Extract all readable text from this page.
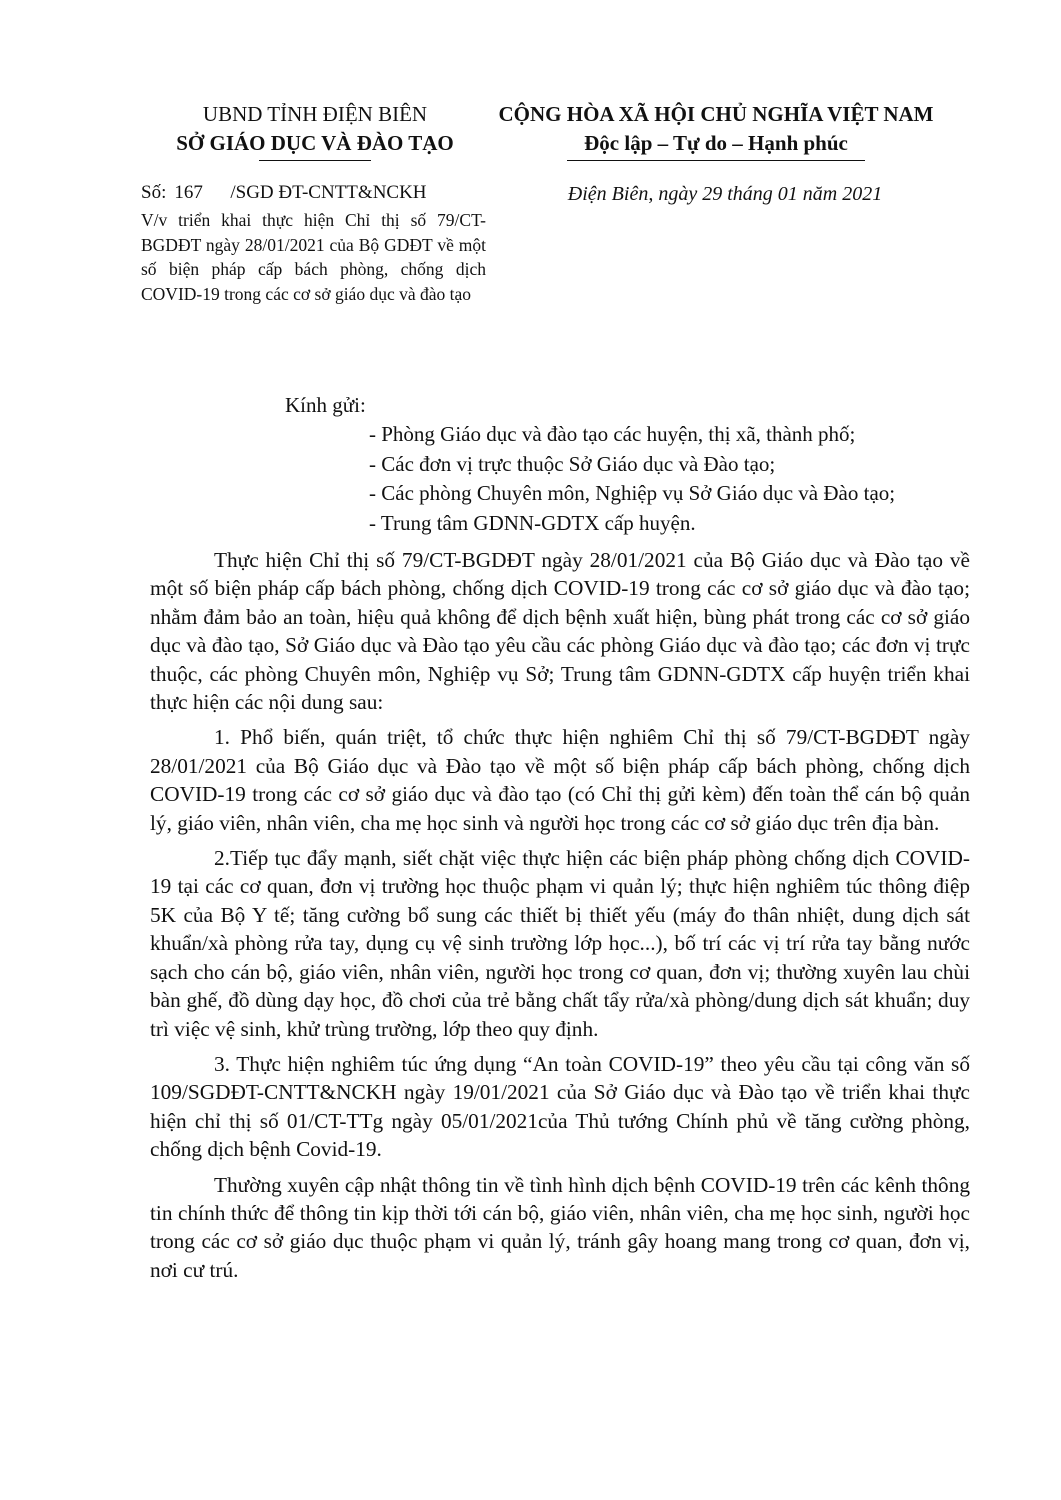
UBND TỈNH ĐIỆN BIÊN
SỞ GIÁO DỤC VÀ ĐÀO TẠO
CỘNG HÒA XÃ HỘI CHỦ NGHĨA VIỆT NAM
Độc lập – Tự do – Hạnh phúc
Số: 167 /SGD ĐT-CNTT&NCKH
V/v triển khai thực hiện Chỉ thị số 79/CT-BGDĐT ngày 28/01/2021 của Bộ GDĐT về một số biện pháp cấp bách phòng, chống dịch COVID-19 trong các cơ sở giáo dục và đào tạo
Điện Biên, ngày 29 tháng 01 năm 2021
Kính gửi:
- Phòng Giáo dục và đào tạo các huyện, thị xã, thành phố;
- Các đơn vị trực thuộc Sở Giáo dục và Đào tạo;
- Các phòng Chuyên môn, Nghiệp vụ Sở Giáo dục và Đào tạo;
- Trung tâm GDNN-GDTX cấp huyện.

Thực hiện Chỉ thị số 79/CT-BGDĐT ngày 28/01/2021 của Bộ Giáo dục và Đào tạo về một số biện pháp cấp bách phòng, chống dịch COVID-19 trong các cơ sở giáo dục và đào tạo; nhằm đảm bảo an toàn, hiệu quả không để dịch bệnh xuất hiện, bùng phát trong các cơ sở giáo dục và đào tạo, Sở Giáo dục và Đào tạo yêu cầu các phòng Giáo dục và đào tạo; các đơn vị trực thuộc, các phòng Chuyên môn, Nghiệp vụ Sở; Trung tâm GDNN-GDTX cấp huyện triển khai thực hiện các nội dung sau:

1. Phổ biến, quán triệt, tổ chức thực hiện nghiêm Chỉ thị số 79/CT-BGDĐT ngày 28/01/2021 của Bộ Giáo dục và Đào tạo về một số biện pháp cấp bách phòng, chống dịch COVID-19 trong các cơ sở giáo dục và đào tạo (có Chỉ thị gửi kèm) đến toàn thể cán bộ quản lý, giáo viên, nhân viên, cha mẹ học sinh và người học trong các cơ sở giáo dục trên địa bàn.

2.Tiếp tục đẩy mạnh, siết chặt việc thực hiện các biện pháp phòng chống dịch COVID-19 tại các cơ quan, đơn vị trường học thuộc phạm vi quản lý; thực hiện nghiêm túc thông điệp 5K của Bộ Y tế; tăng cường bổ sung các thiết bị thiết yếu (máy đo thân nhiệt, dung dịch sát khuẩn/xà phòng rửa tay, dụng cụ vệ sinh trường lớp học...), bố trí các vị trí rửa tay bằng nước sạch cho cán bộ, giáo viên, nhân viên, người học trong cơ quan, đơn vị; thường xuyên lau chùi bàn ghế, đồ dùng dạy học, đồ chơi của trẻ bằng chất tẩy rửa/xà phòng/dung dịch sát khuẩn; duy trì việc vệ sinh, khử trùng trường, lớp theo quy định.

3. Thực hiện nghiêm túc ứng dụng “An toàn COVID-19” theo yêu cầu tại công văn số 109/SGDĐT-CNTT&NCKH ngày 19/01/2021 của Sở Giáo dục và Đào tạo về triển khai thực hiện chỉ thị số 01/CT-TTg ngày 05/01/2021của Thủ tướng Chính phủ về tăng cường phòng, chống dịch bệnh Covid-19.

Thường xuyên cập nhật thông tin về tình hình dịch bệnh COVID-19 trên các kênh thông tin chính thức để thông tin kịp thời tới cán bộ, giáo viên, nhân viên, cha mẹ học sinh, người học trong các cơ sở giáo dục thuộc phạm vi quản lý, tránh gây hoang mang trong cơ quan, đơn vị, nơi cư trú.
